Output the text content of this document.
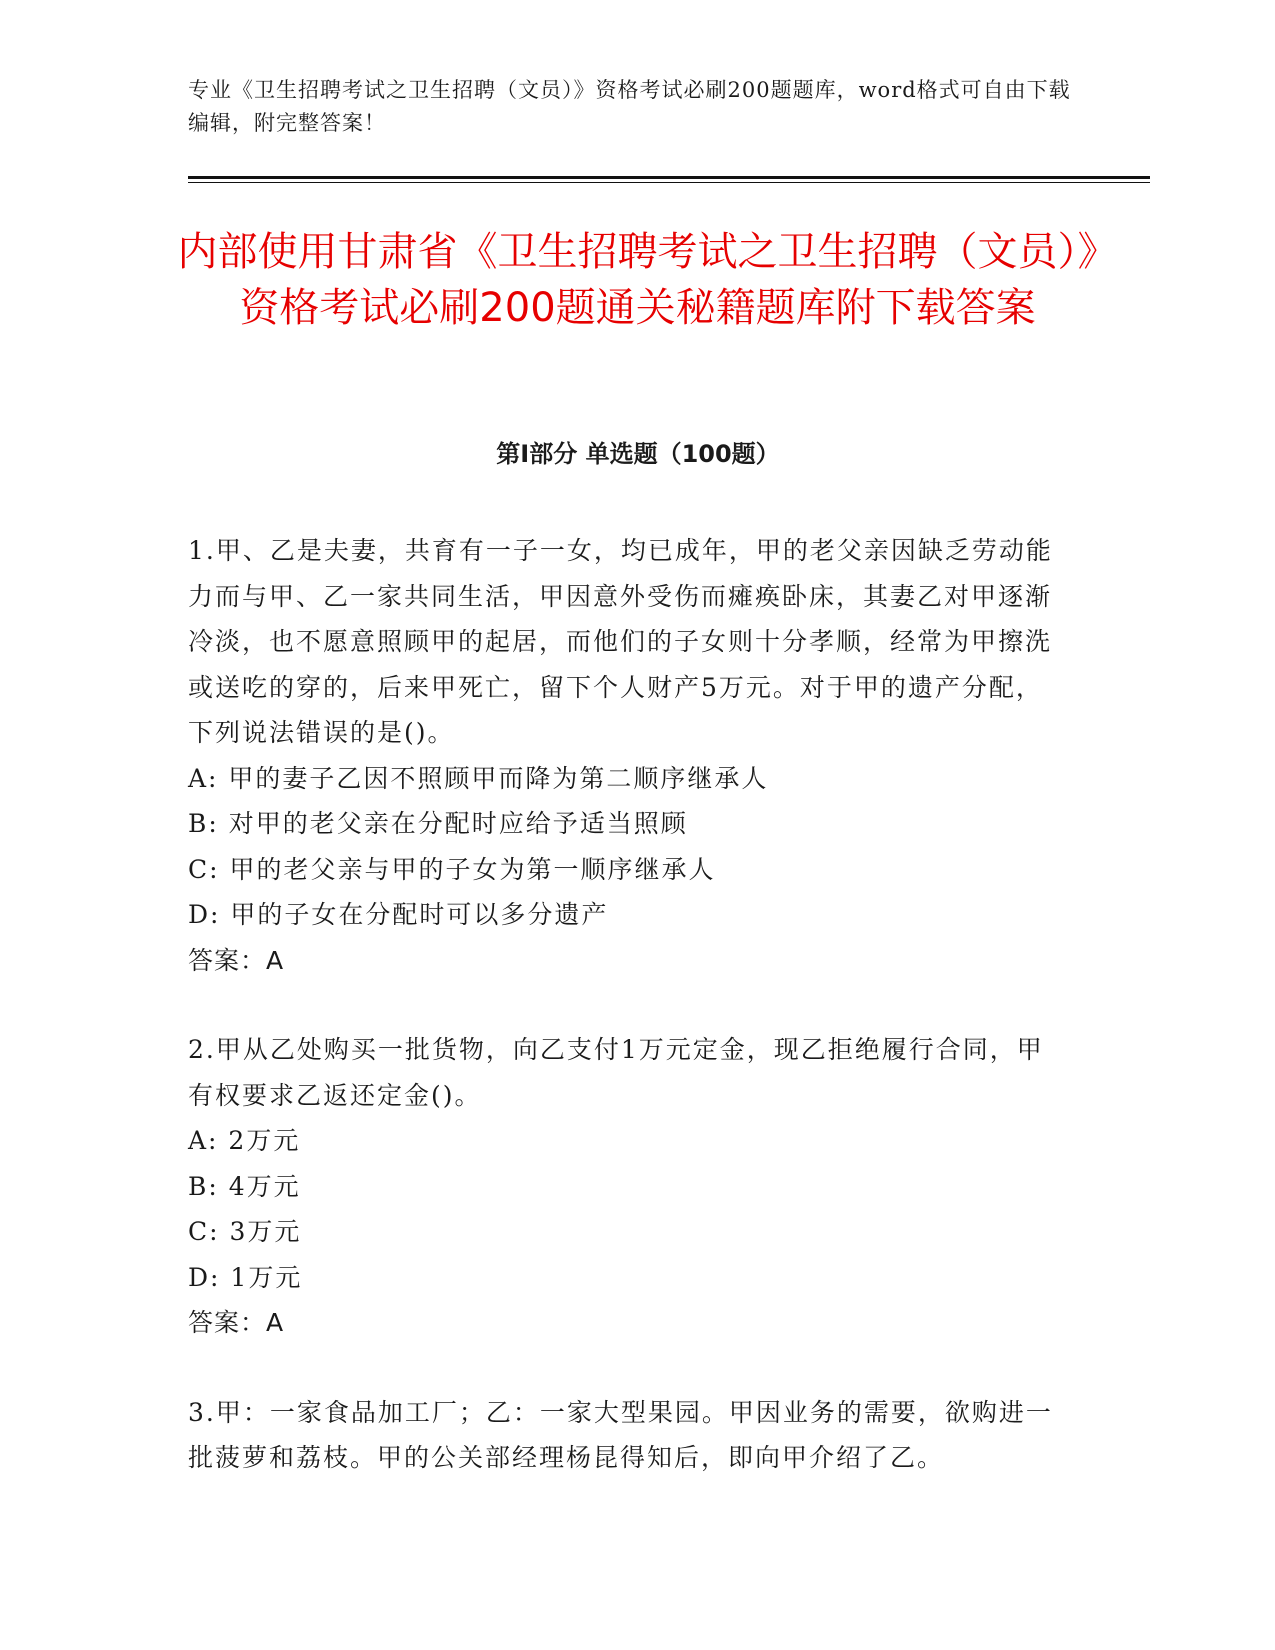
专业《卫生招聘考试之卫生招聘（文员）》资格考试必刷200题题库，word格式可自由下载编辑，附完整答案！
内部使用甘肃省《卫生招聘考试之卫生招聘（文员）》资格考试必刷200题通关秘籍题库附下载答案
第I部分 单选题（100题）

1.甲、乙是夫妻，共育有一子一女，均已成年，甲的老父亲因缺乏劳动能力而与甲、乙一家共同生活，甲因意外受伤而瘫痪卧床，其妻乙对甲逐渐冷淡，也不愿意照顾甲的起居，而他们的子女则十分孝顺，经常为甲擦洗或送吃的穿的，后来甲死亡，留下个人财产5万元。对于甲的遗产分配，下列说法错误的是()。

A: 甲的妻子乙因不照顾甲而降为第二顺序继承人

B: 对甲的老父亲在分配时应给予适当照顾

C: 甲的老父亲与甲的子女为第一顺序继承人

D: 甲的子女在分配时可以多分遗产

答案：A

2.甲从乙处购买一批货物，向乙支付1万元定金，现乙拒绝履行合同，甲有权要求乙返还定金()。

A: 2万元

B: 4万元

C: 3万元

D: 1万元

答案：A

3.甲：一家食品加工厂；乙：一家大型果园。甲因业务的需要，欲购进一批菠萝和荔枝。甲的公关部经理杨昆得知后，即向甲介绍了乙。
